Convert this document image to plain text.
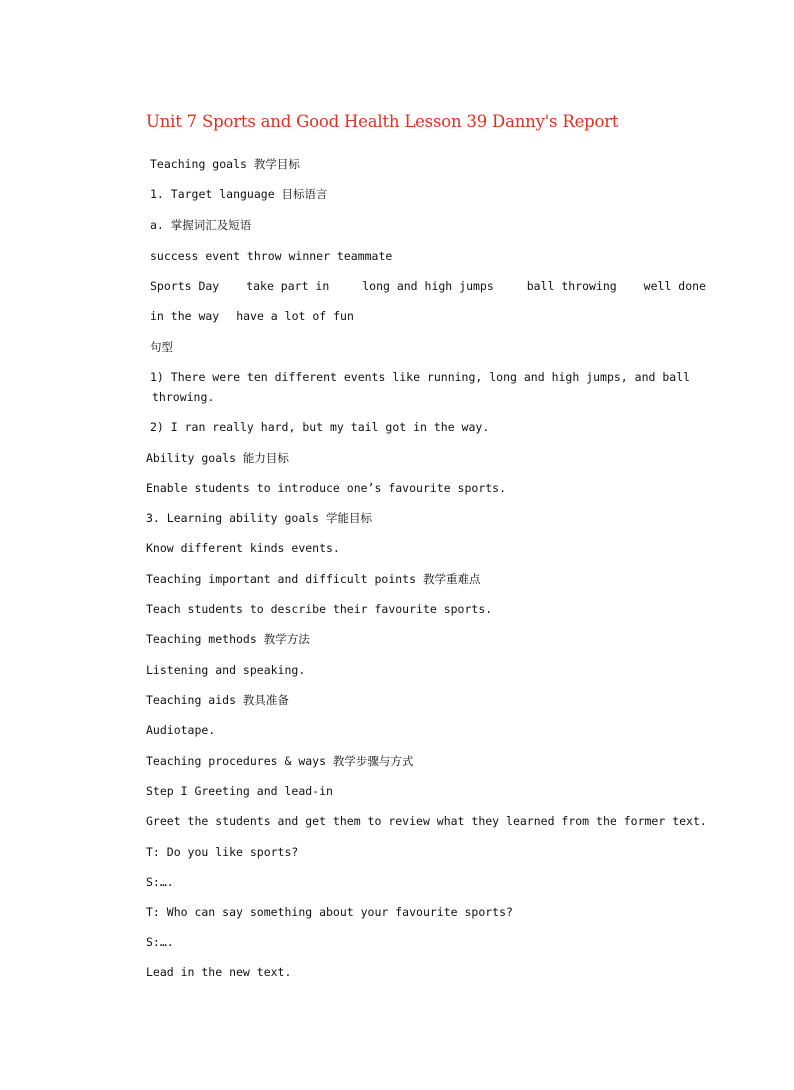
Unit 7 Sports and Good Health Lesson 39 Danny's Report
Teaching goals 教学目标
1. Target language 目标语言
a. 掌握词汇及短语
success event throw winner teammate
Sports Day take part in	long and high jumps	ball throwing well done
in the way have a lot of fun
句型
1) There were ten different events like running, long and high jumps, and ball
throwing.
2) I ran really hard, but my tail got in the way.
Ability goals 能力目标
Enable students to introduce one’s favourite sports.
3. Learning ability goals 学能目标
Know different kinds events.
Teaching important and difficult points 教学重难点
Teach students to describe their favourite sports.
Teaching methods 教学方法
Listening and speaking.
Teaching aids 教具准备
Audiotape.
Teaching procedures & ways 教学步骤与方式
Step I Greeting and lead-in
Greet the students and get them to review what they learned from the former text.
T: Do you like sports?
S:….
T: Who can say something about your favourite sports?
S:….
Lead in the new text.
